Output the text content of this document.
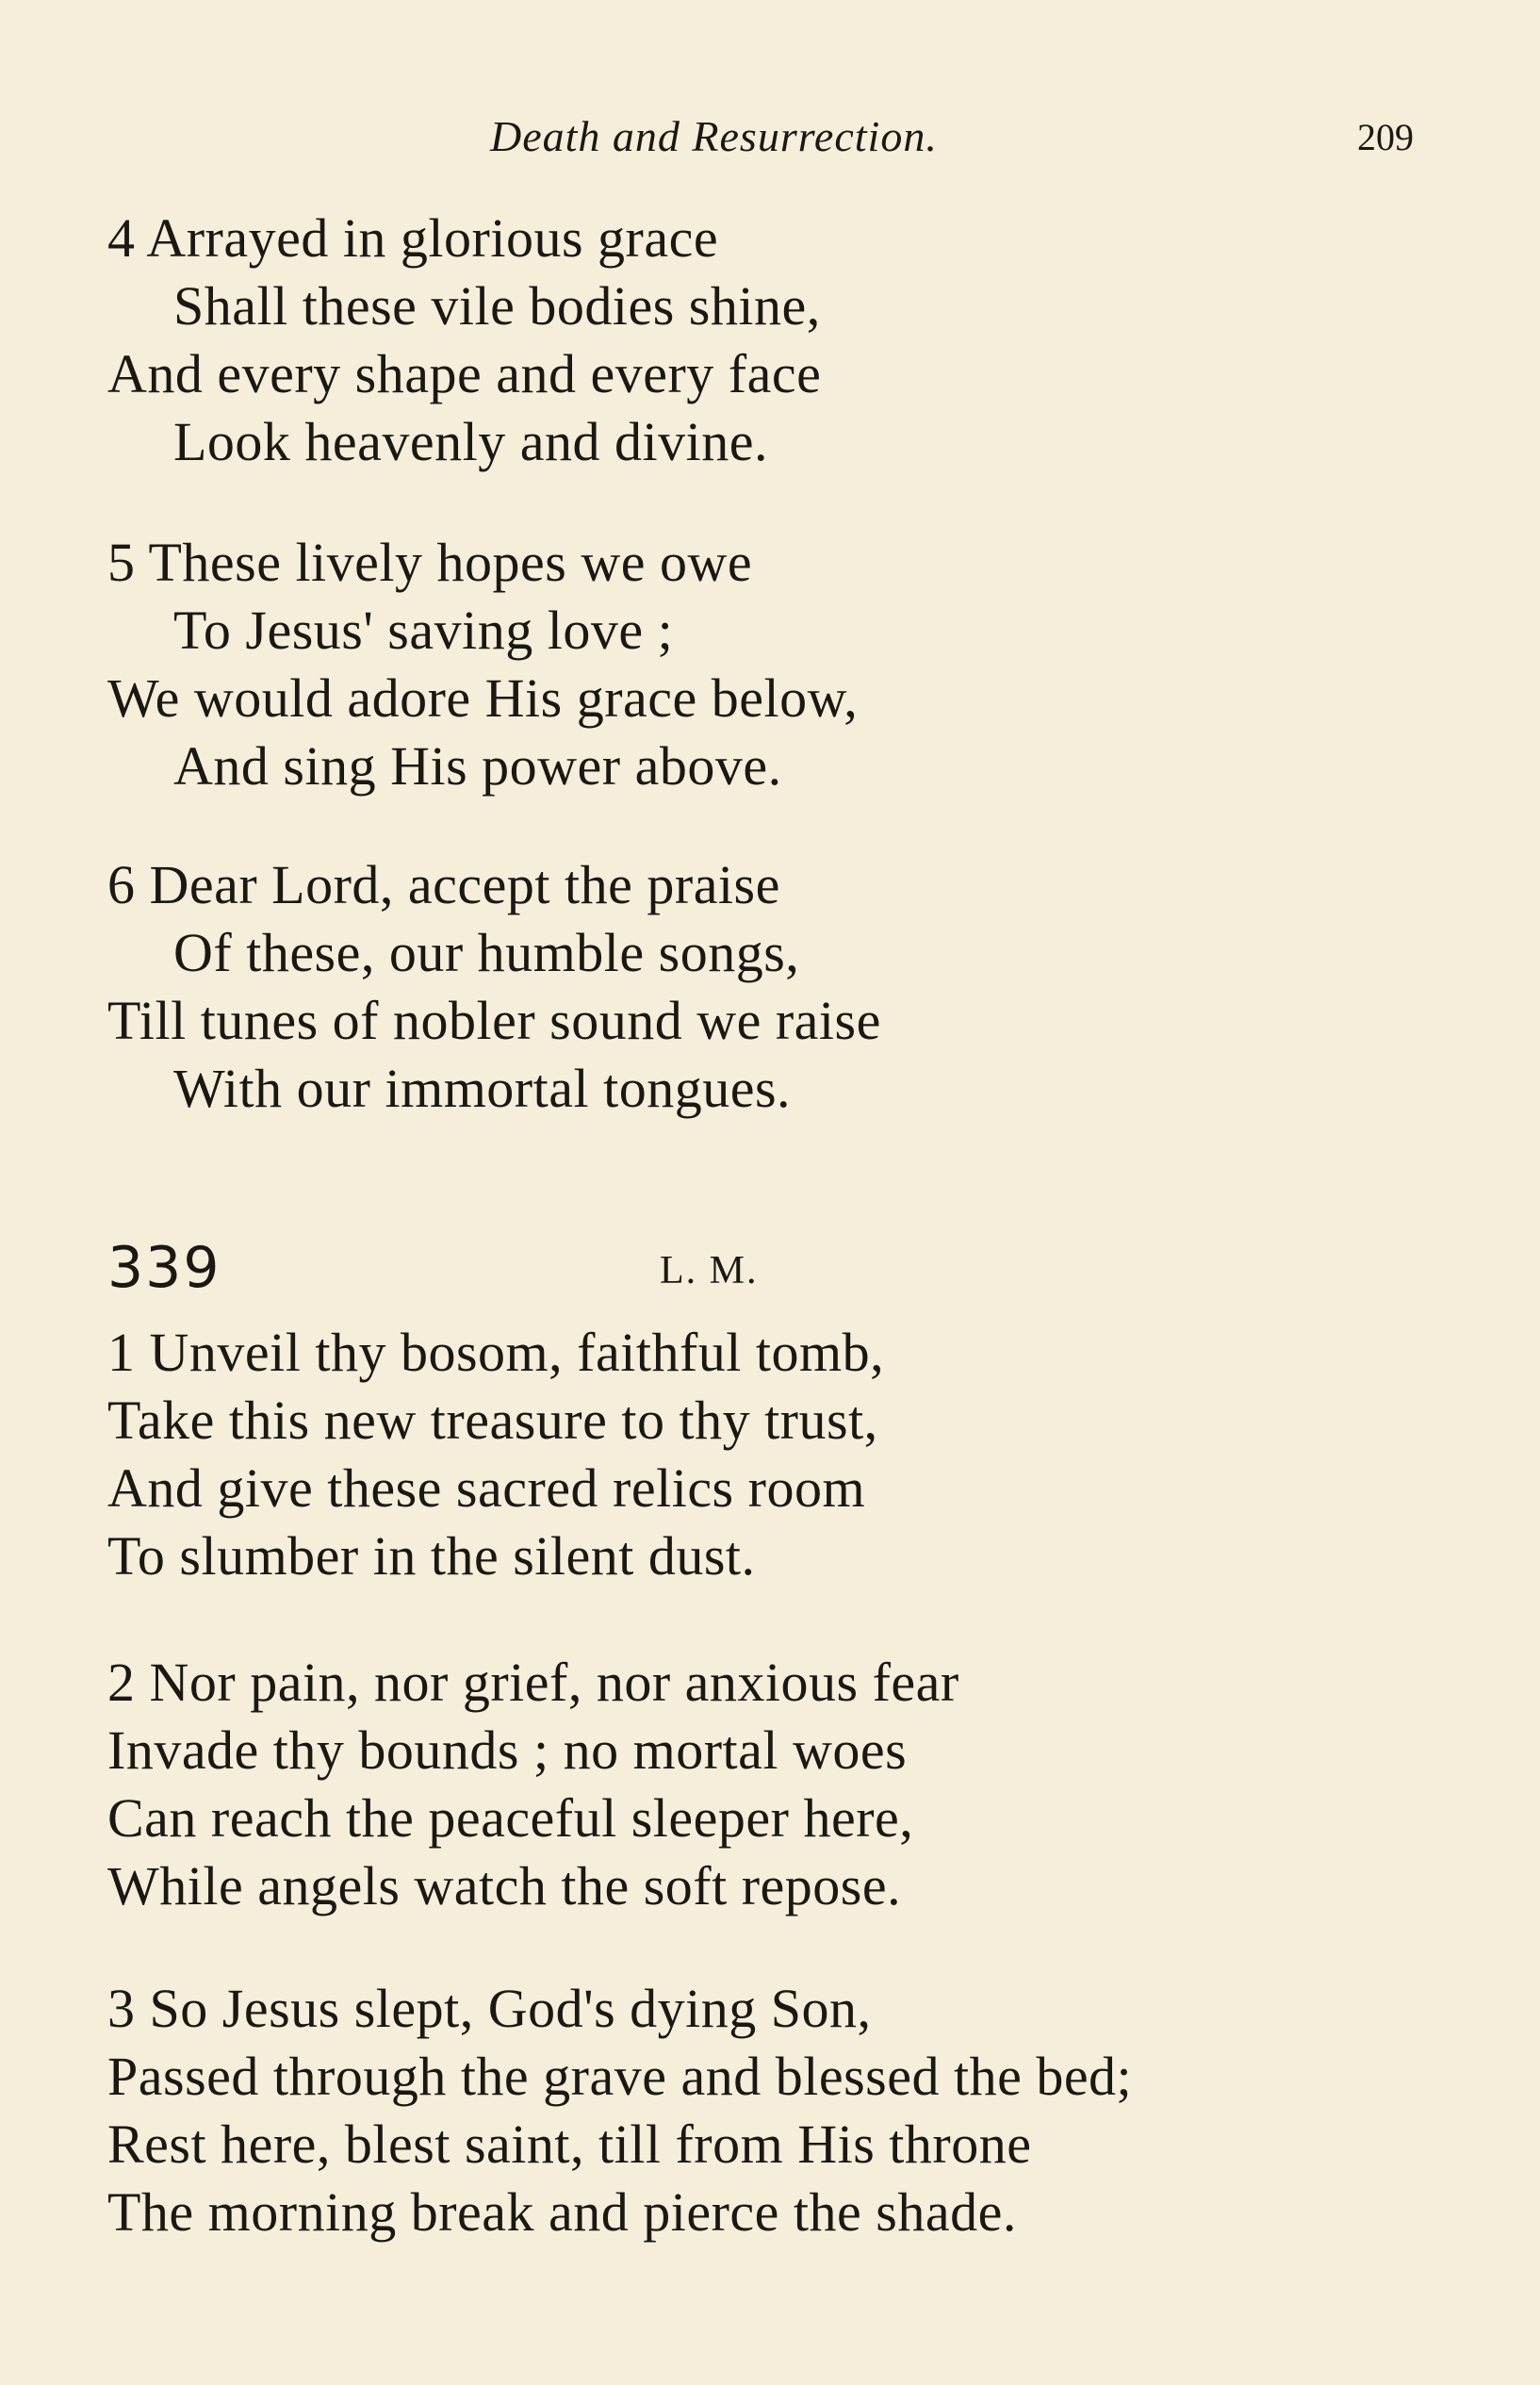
Death and Resurrection.	209
4 Arrayed in glorious grace
Shall these vile bodies shine,
And every shape and every face
Look heavenly and divine.
5 These lively hopes we owe
To Jesus' saving love ;
We would adore His grace below,
And sing His power above.
6 Dear Lord, accept the praise
Of these, our humble songs,
Till tunes of nobler sound we raise
With our immortal tongues.
339	L. M.
1 Unveil thy bosom, faithful tomb,
Take this new treasure to thy trust,
And give these sacred relics room
To slumber in the silent dust.
2 Nor pain, nor grief, nor anxious fear
Invade thy bounds ; no mortal woes
Can reach the peaceful sleeper here,
While angels watch the soft repose.
3 So Jesus slept, God's dying Son,
Passed through the grave and blessed the bed;
Rest here, blest saint, till from His throne
The morning break and pierce the shade.
